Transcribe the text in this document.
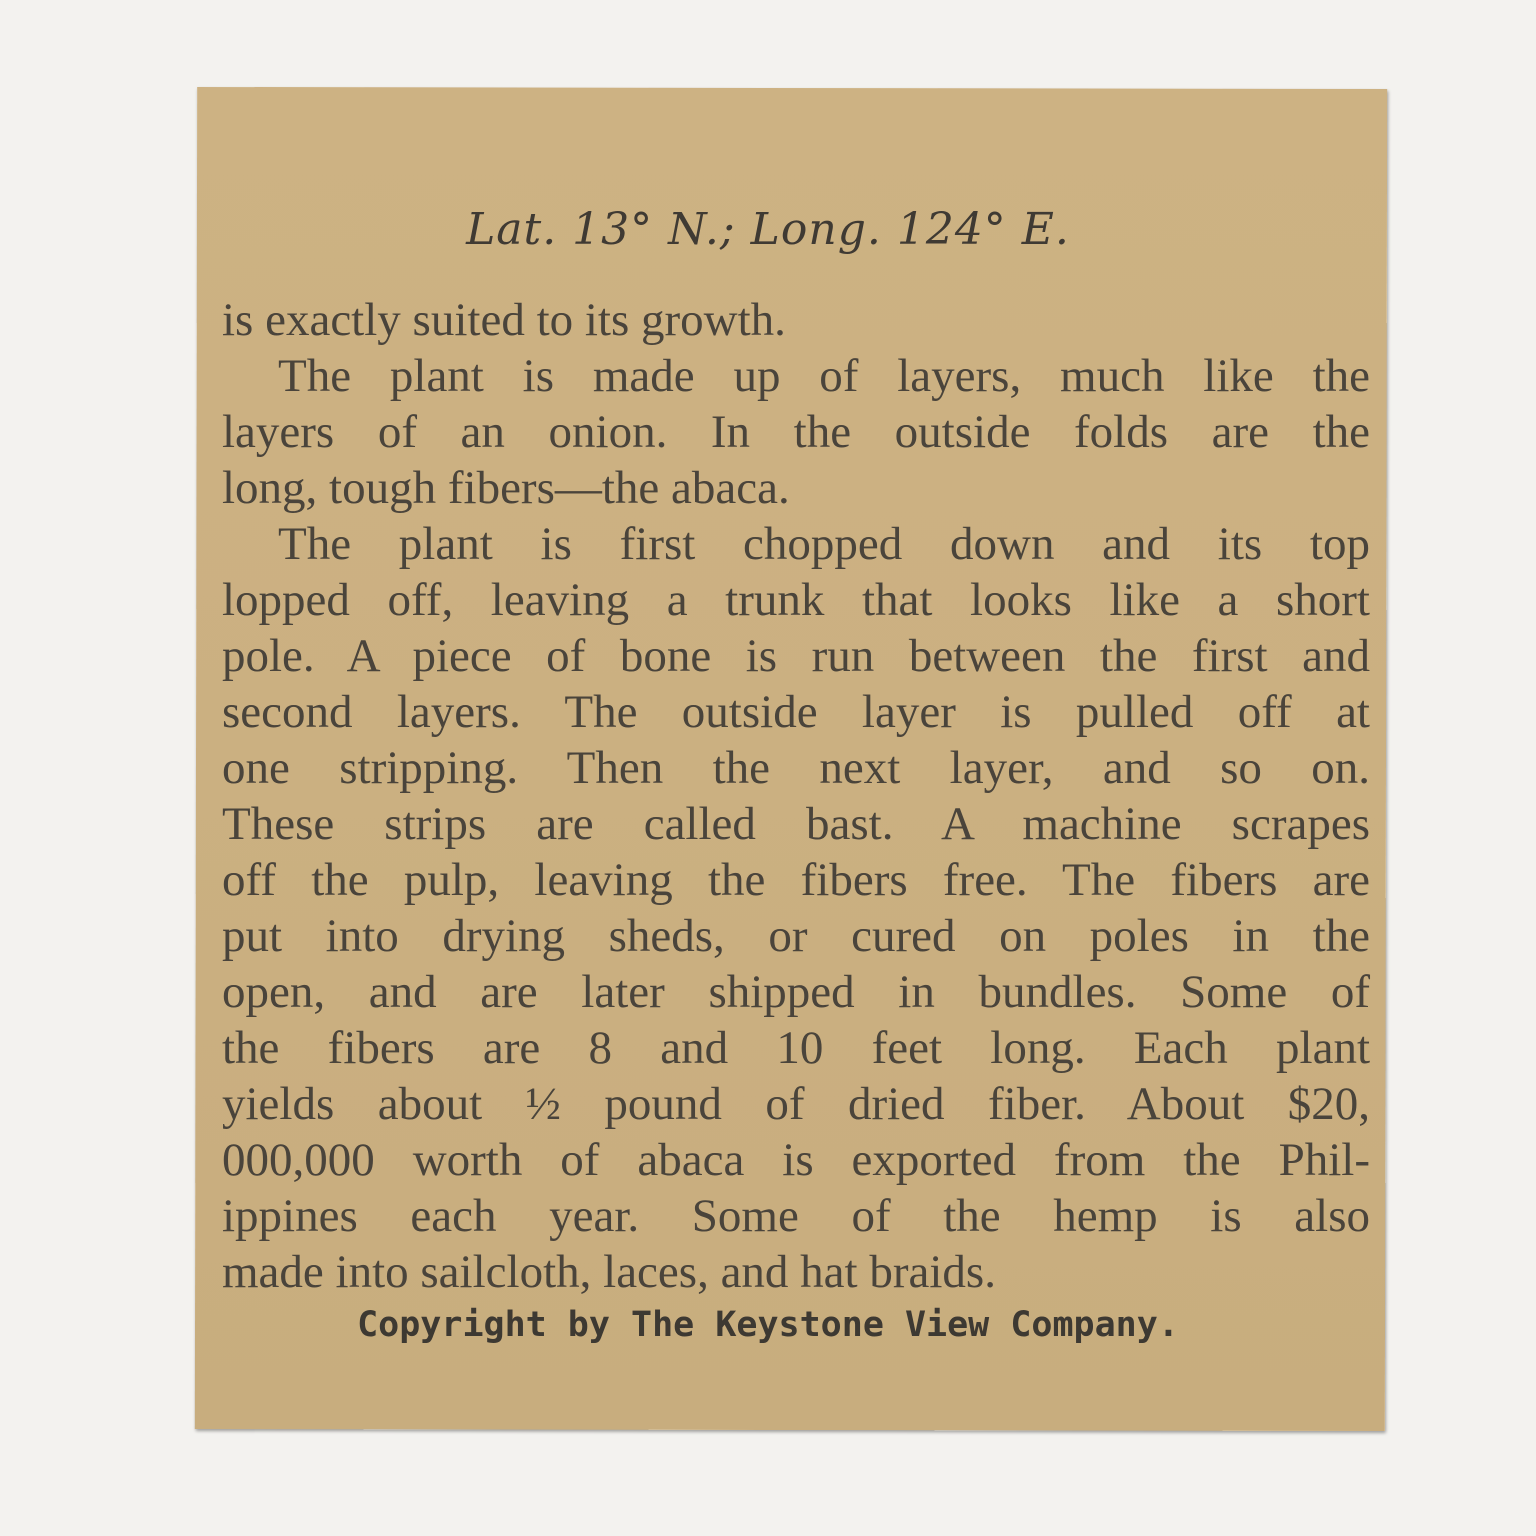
Lat. 13° N.; Long. 124° E.
is exactly suited to its growth.
The plant is made up of layers, much like the
layers of an onion. In the outside folds are the
long, tough fibers—the abaca.
The plant is first chopped down and its top
lopped off, leaving a trunk that looks like a short
pole. A piece of bone is run between the first and
second layers. The outside layer is pulled off at
one stripping. Then the next layer, and so on.
These strips are called bast. A machine scrapes
off the pulp, leaving the fibers free. The fibers are
put into drying sheds, or cured on poles in the
open, and are later shipped in bundles. Some of
the fibers are 8 and 10 feet long. Each plant
yields about ½ pound of dried fiber. About $20,
000,000 worth of abaca is exported from the Phil-
ippines each year. Some of the hemp is also
made into sailcloth, laces, and hat braids.
Copyright by The Keystone View Company.
